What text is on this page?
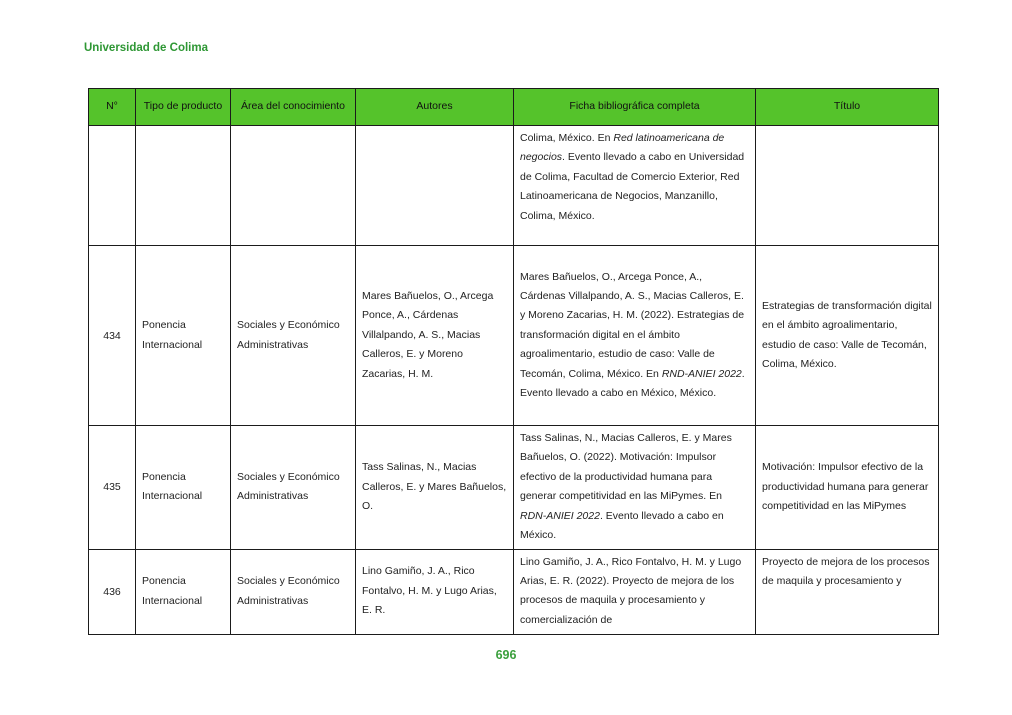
Universidad de Colima
N°	Tipo de producto	Área del conocimiento	Autores	Ficha bibliográfica completa	Título
				Colima, México. En Red latinoamericana de negocios. Evento llevado a cabo en Universidad de Colima, Facultad de Comercio Exterior, Red Latinoamericana de Negocios, Manzanillo, Colima, México.	
434	Ponencia Internacional	Sociales y Económico Administrativas	Mares Bañuelos, O., Arcega Ponce, A., Cárdenas Villalpando, A. S., Macias Calleros, E. y Moreno Zacarias, H. M.	Mares Bañuelos, O., Arcega Ponce, A., Cárdenas Villalpando, A. S., Macias Calleros, E. y Moreno Zacarias, H. M. (2022). Estrategias de transformación digital en el ámbito agroalimentario, estudio de caso: Valle de Tecomán, Colima, México. En RND-ANIEI 2022. Evento llevado a cabo en México, México.	Estrategias de transformación digital en el ámbito agroalimentario, estudio de caso: Valle de Tecomán, Colima, México.
435	Ponencia Internacional	Sociales y Económico Administrativas	Tass Salinas, N., Macias Calleros, E. y Mares Bañuelos, O.	Tass Salinas, N., Macias Calleros, E. y Mares Bañuelos, O. (2022). Motivación: Impulsor efectivo de la productividad humana para generar competitividad en las MiPymes. En RDN-ANIEI 2022. Evento llevado a cabo en México.	Motivación: Impulsor efectivo de la productividad humana para generar competitividad en las MiPymes
436	Ponencia Internacional	Sociales y Económico Administrativas	Lino Gamiño, J. A., Rico Fontalvo, H. M. y Lugo Arias, E. R.	Lino Gamiño, J. A., Rico Fontalvo, H. M. y Lugo Arias, E. R. (2022). Proyecto de mejora de los procesos de maquila y procesamiento y comercialización de	Proyecto de mejora de los procesos de maquila y procesamiento y
696
